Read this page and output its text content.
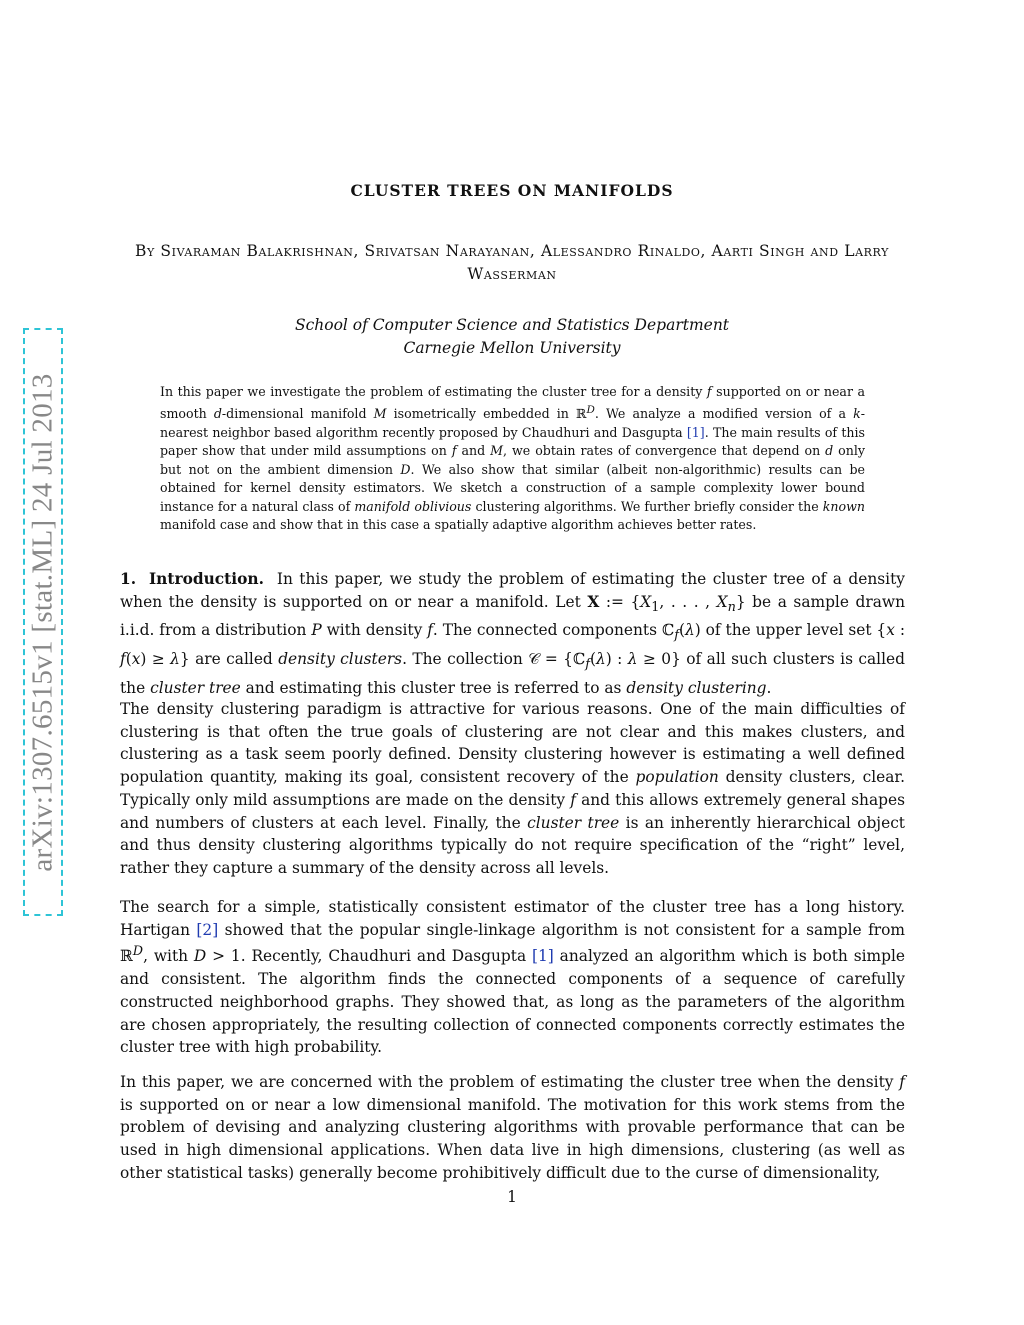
arXiv:1307.6515v1 [stat.ML] 24 Jul 2013
CLUSTER TREES ON MANIFOLDS
By Sivaraman Balakrishnan, Srivatsan Narayanan, Alessandro Rinaldo, Aarti Singh and Larry Wasserman
School of Computer Science and Statistics Department
Carnegie Mellon University

In this paper we investigate the problem of estimating the cluster tree for a density f supported on or near a smooth d-dimensional manifold M isometrically embedded in ℝ$^D$. We analyze a modified version of a k-nearest neighbor based algorithm recently proposed by Chaudhuri and Dasgupta [1]. The main results of this paper show that under mild assumptions on f and M, we obtain rates of convergence that depend on d only but not on the ambient dimension D. We also show that similar (albeit non-algorithmic) results can be obtained for kernel density estimators. We sketch a construction of a sample complexity lower bound instance for a natural class of manifold oblivious clustering algorithms. We further briefly consider the known manifold case and show that in this case a spatially adaptive algorithm achieves better rates.

1. Introduction. In this paper, we study the problem of estimating the cluster tree of a density when the density is supported on or near a manifold. Let X := {$X_1$, . . . , $X_n$} be a sample drawn i.i.d. from a distribution P with density f. The connected components ℂ$_f$(λ) of the upper level set {x : f(x) ≥ λ} are called density clusters. The collection 𝒞 = {ℂ$_f$(λ) : λ ≥ 0} of all such clusters is called the cluster tree and estimating this cluster tree is referred to as density clustering.

The density clustering paradigm is attractive for various reasons. One of the main difficulties of clustering is that often the true goals of clustering are not clear and this makes clusters, and clustering as a task seem poorly defined. Density clustering however is estimating a well defined population quantity, making its goal, consistent recovery of the population density clusters, clear. Typically only mild assumptions are made on the density f and this allows extremely general shapes and numbers of clusters at each level. Finally, the cluster tree is an inherently hierarchical object and thus density clustering algorithms typically do not require specification of the “right” level, rather they capture a summary of the density across all levels.

The search for a simple, statistically consistent estimator of the cluster tree has a long history. Hartigan [2] showed that the popular single-linkage algorithm is not consistent for a sample from ℝ$^D$, with D > 1. Recently, Chaudhuri and Dasgupta [1] analyzed an algorithm which is both simple and consistent. The algorithm finds the connected components of a sequence of carefully constructed neighborhood graphs. They showed that, as long as the parameters of the algorithm are chosen appropriately, the resulting collection of connected components correctly estimates the cluster tree with high probability.

In this paper, we are concerned with the problem of estimating the cluster tree when the density f is supported on or near a low dimensional manifold. The motivation for this work stems from the problem of devising and analyzing clustering algorithms with provable performance that can be used in high dimensional applications. When data live in high dimensions, clustering (as well as other statistical tasks) generally become prohibitively difficult due to the curse of dimensionality,

1
